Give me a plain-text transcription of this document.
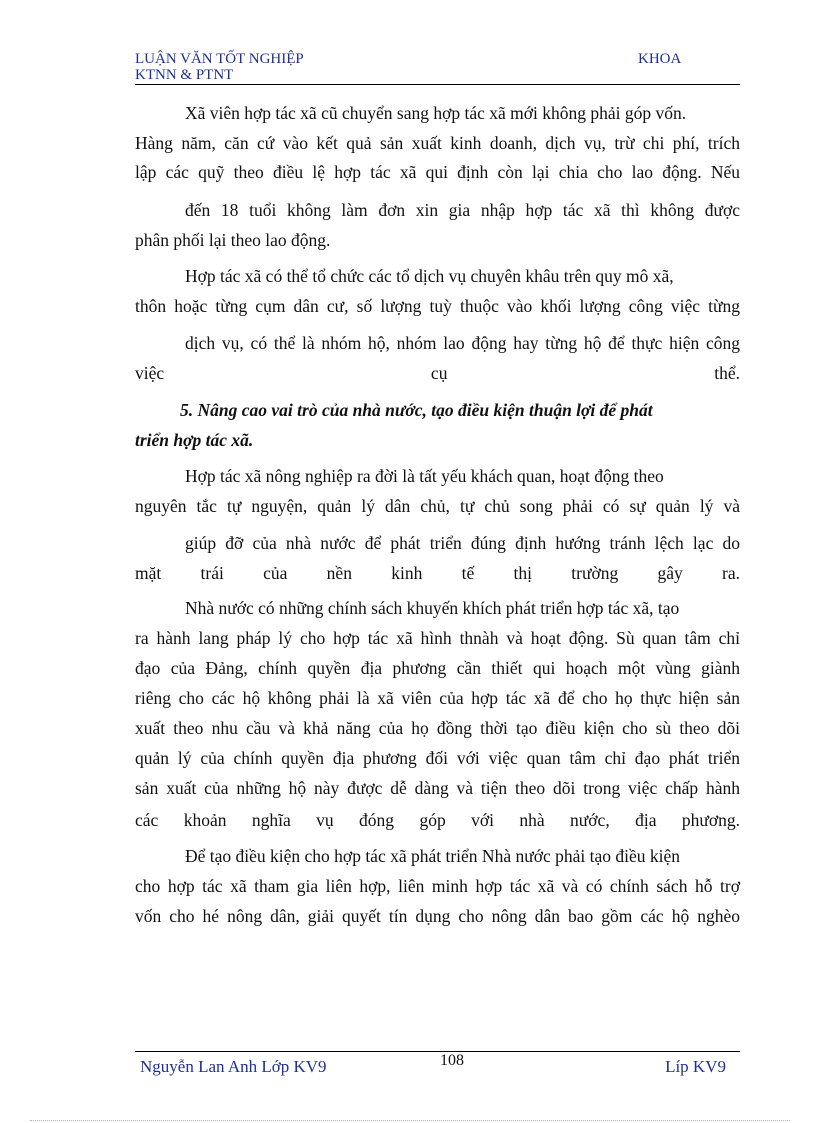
LUẬN VĂN TỐT NGHIỆP
KTNN & PTNT
KHOA
Xã viên hợp tác xã cũ chuyển sang hợp tác xã mới không phải góp vốn.
Hàng năm, căn cứ vào kết quả sản xuất kinh doanh, dịch vụ, trừ chi phí, trích
lập các quỹ theo điều lệ hợp tác xã qui định còn lại chia cho lao động. Nếu
đến 18 tuổi không làm đơn xin gia nhập hợp tác xã thì không được
phân phối lại theo lao động.
Hợp tác xã có thể tổ chức các tổ dịch vụ chuyên khâu trên quy mô xã,
thôn hoặc từng cụm dân cư, số lượng tuỳ thuộc vào khối lượng công việc từng
dịch vụ, có thể là nhóm hộ, nhóm lao động hay từng hộ để thực hiện công
việc cụ thể.
5. Nâng cao vai trò của nhà nước, tạo điều kiện thuận lợi để phát
triển hợp tác xã.
Hợp tác xã nông nghiệp ra đời là tất yếu khách quan, hoạt động theo
nguyên tắc tự nguyện, quản lý dân chủ, tự chủ song phải có sự quản lý và
giúp đỡ của nhà nước để phát triển đúng định hướng tránh lệch lạc do
mặt trái của nền kinh tế thị trường gây ra.
Nhà nước có những chính sách khuyến khích phát triển hợp tác xã, tạo
ra hành lang pháp lý cho hợp tác xã hình thnàh và hoạt động. Sù quan tâm chỉ
đạo của Đảng, chính quyền địa phương cần thiết qui hoạch một vùng giành
riêng cho các hộ không phải là xã viên của hợp tác xã để cho họ thực hiện sản
xuất theo nhu cầu và khả năng của họ đồng thời tạo điều kiện cho sù theo dõi
quản lý của chính quyền địa phương đối với việc quan tâm chỉ đạo phát triển
sản xuất của những hộ này được dễ dàng và tiện theo dõi trong việc chấp hành
các khoản nghĩa vụ đóng góp với nhà nước, địa phương.
Để tạo điều kiện cho hợp tác xã phát triển Nhà nước phải tạo điều kiện
cho hợp tác xã tham gia liên hợp, liên minh hợp tác xã và có chính sách hỗ trợ
vốn cho hé nông dân, giải quyết tín dụng cho nông dân bao gồm các hộ nghèo
Nguyễn Lan Anh Lớp KV9	108	Líp KV9
